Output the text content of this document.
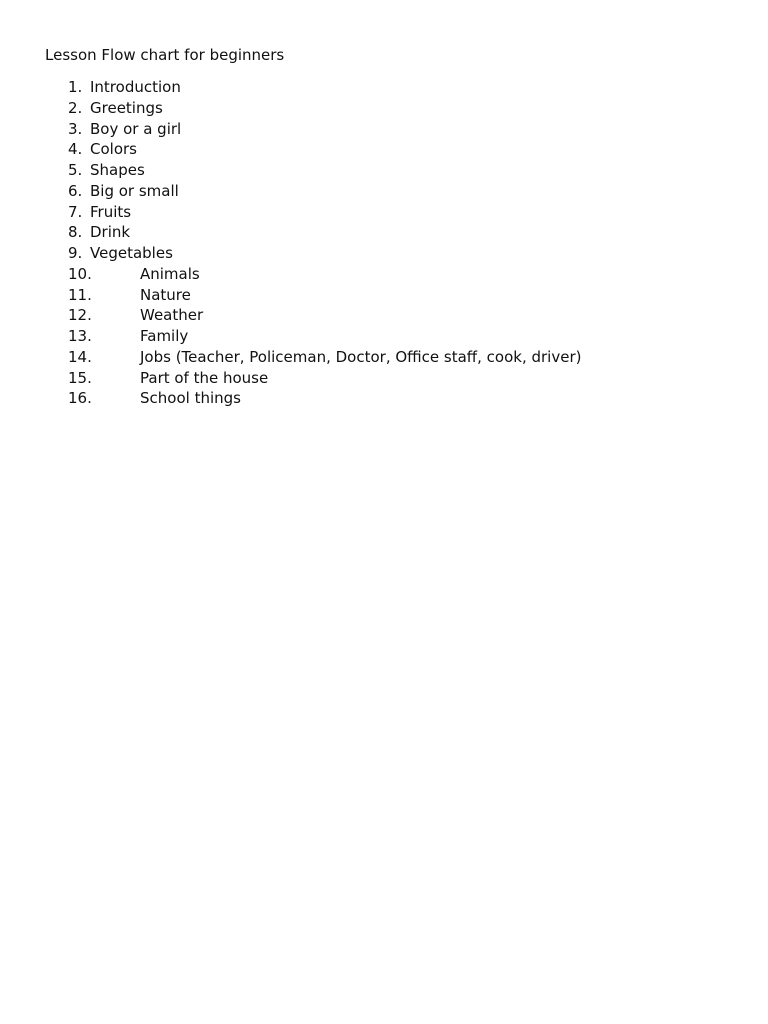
Lesson Flow chart for beginners
1. Introduction
2. Greetings
3. Boy or a girl
4. Colors
5. Shapes
6. Big or small
7. Fruits
8. Drink
9. Vegetables
10.	Animals
11.	Nature
12.	Weather
13.	Family
14.	Jobs (Teacher, Policeman, Doctor, Office staff, cook, driver)
15.	Part of the house
16.	School things
